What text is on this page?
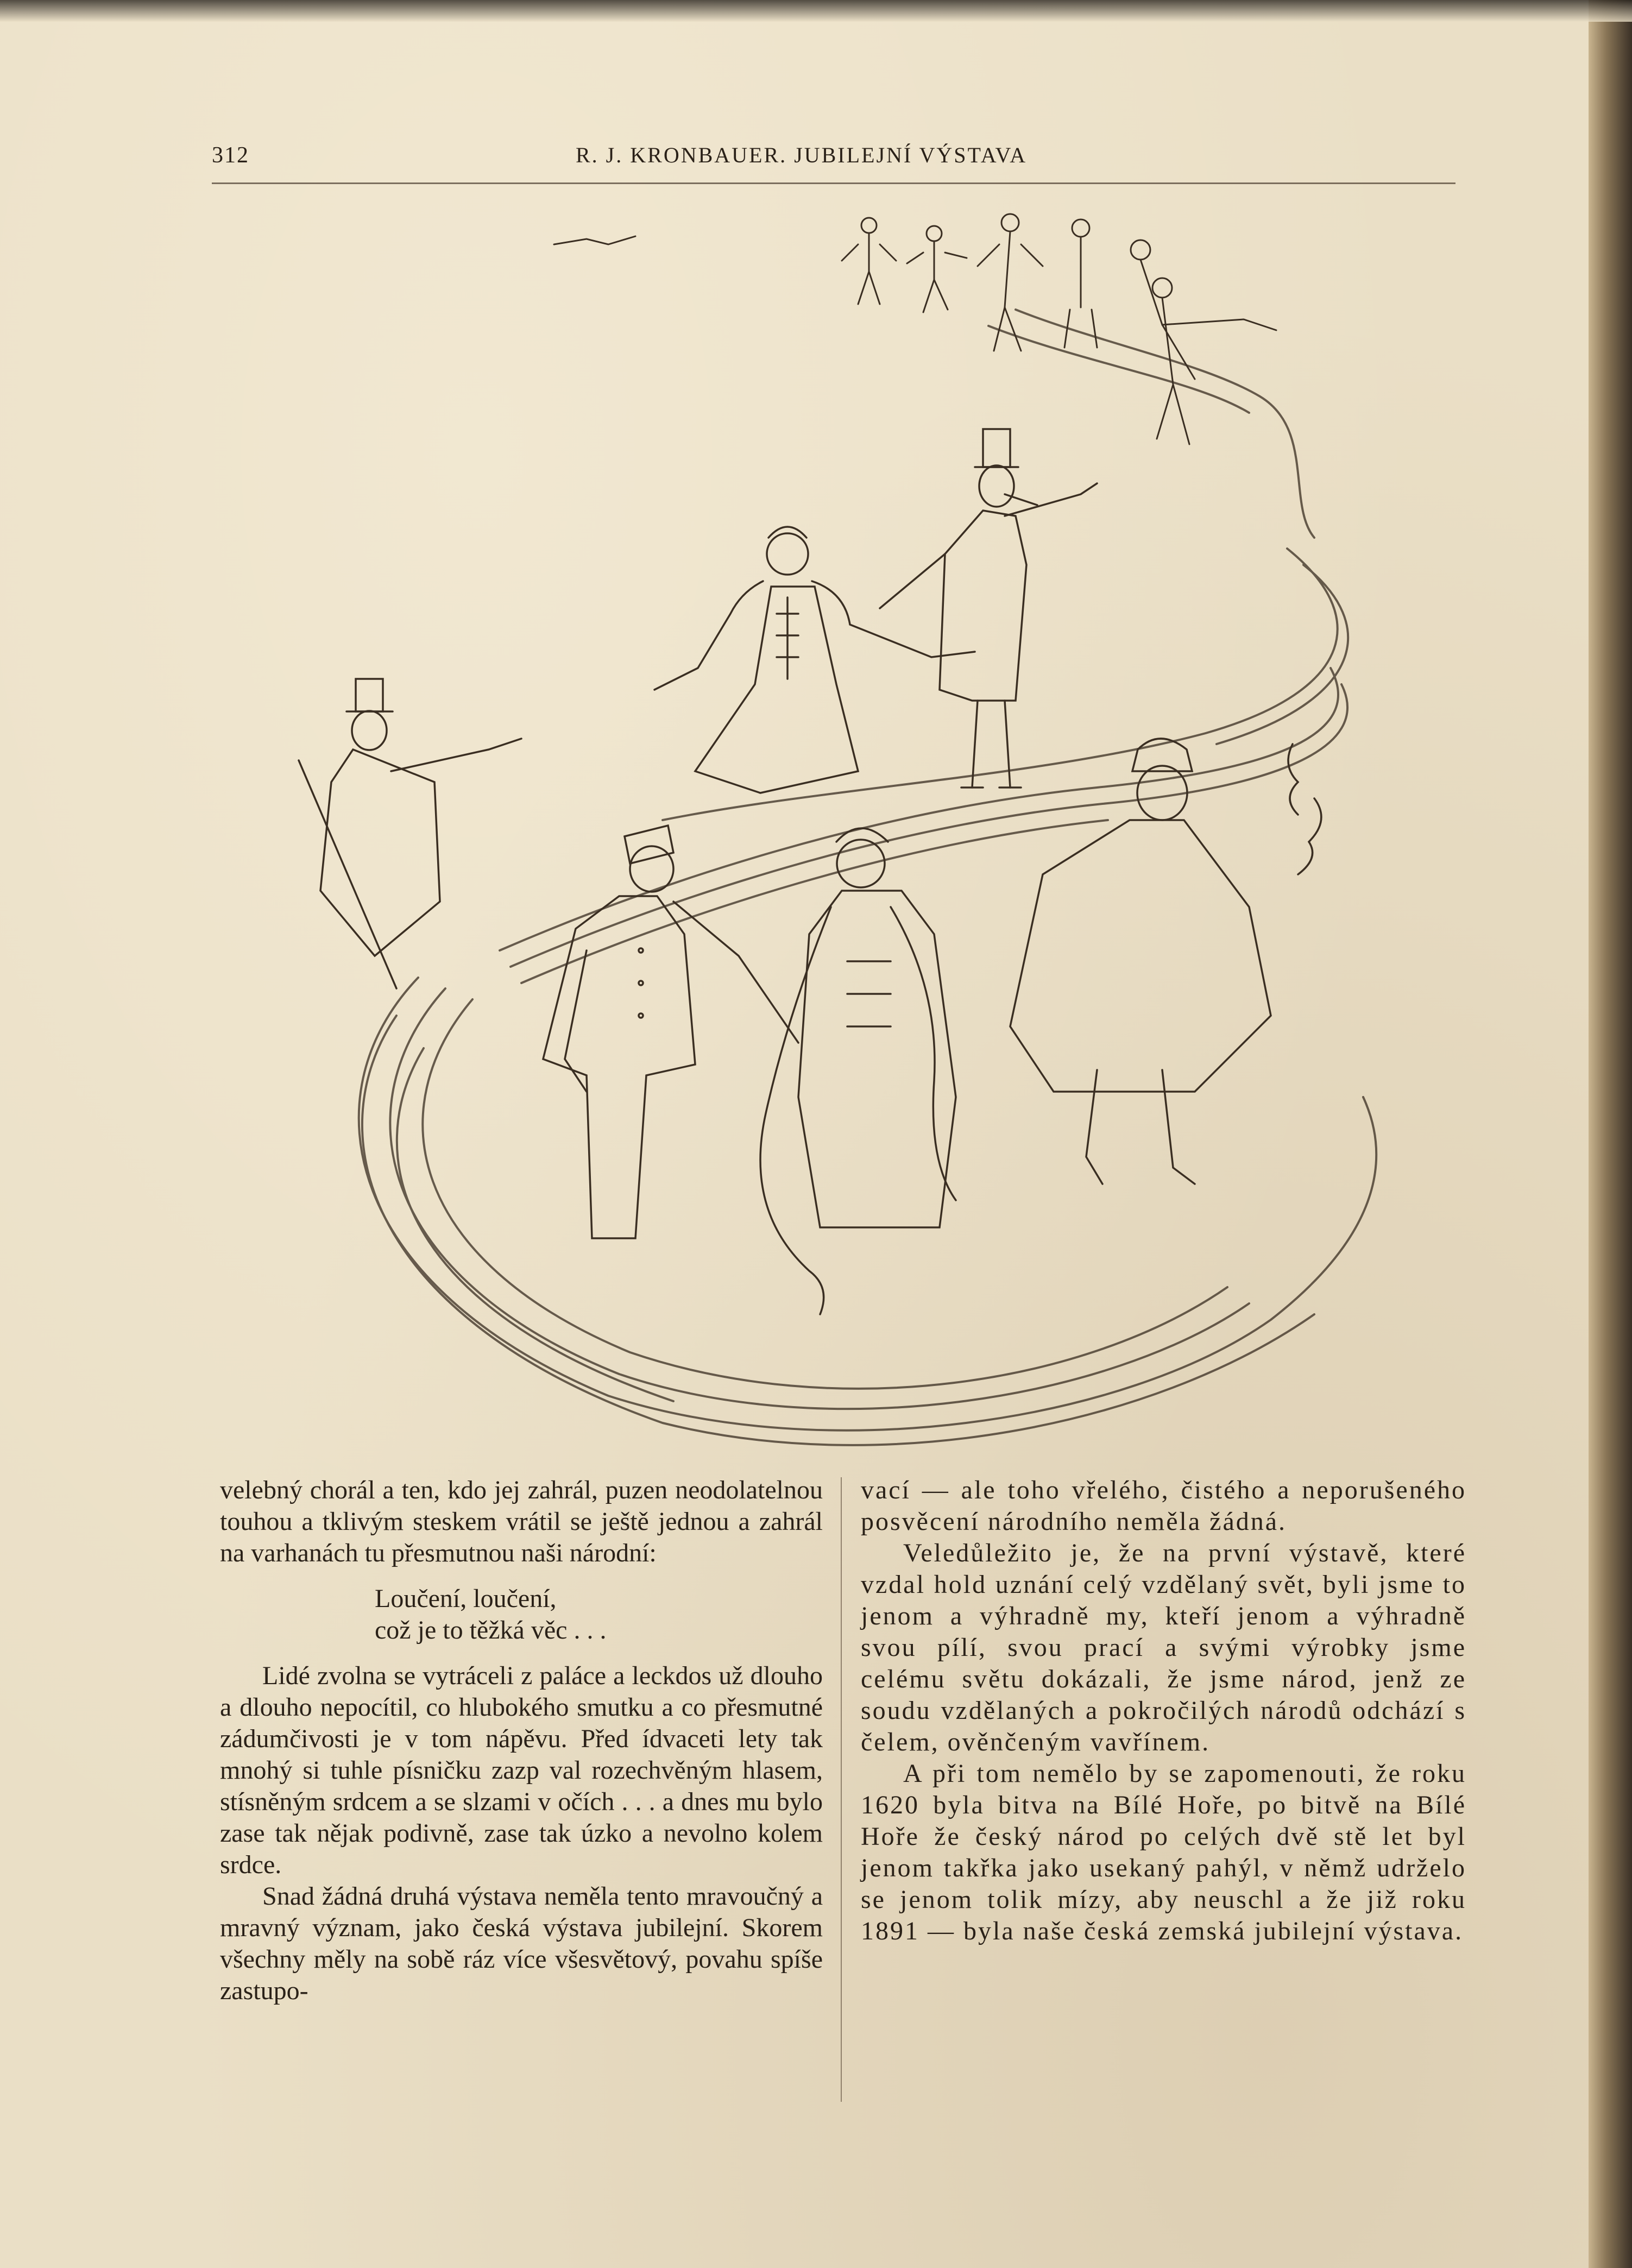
312	R. J. KRONBAUER. JUBILEJNÍ VÝSTAVA

velebný chorál a ten, kdo jej zahrál, puzen neodolatelnou touhou a tklivým steskem vrátil se ještě jednou a zahrál na varhanách tu přesmutnou naši národní:

Loučení, loučení,

což je to těžká věc . . .

Lidé zvolna se vytráceli z paláce a leckdos už dlouho a dlouho nepocítil, co hlubokého smutku a co přesmutné zádumčivosti je v tom nápěvu. Před ídvaceti lety tak mnohý si tuhle písničku zazp val rozechvěným hlasem, stísněným srdcem a se slzami v očích . . . a dnes mu bylo zase tak nějak podivně, zase tak úzko a nevolno kolem srdce.

Snad žádná druhá výstava neměla tento mravoučný a mravný význam, jako česká výstava jubilejní. Skorem všechny měly na sobě ráz více všesvětový, povahu spíše zastupo-

vací — ale toho vřelého, čistého a neporušeného posvěcení národního neměla žádná.

Veledůležito je, že na první výstavě, které vzdal hold uznání celý vzdělaný svět, byli jsme to jenom a výhradně my, kteří jenom a výhradně svou pílí, svou prací a svými výrobky jsme celému světu dokázali, že jsme národ, jenž ze soudu vzdělaných a pokročilých národů odchází s čelem, ověnčeným vavřínem.

A při tom nemělo by se zapomenouti, že roku 1620 byla bitva na Bílé Hoře, po bitvě na Bílé Hoře že český národ po celých dvě stě let byl jenom takřka jako usekaný pahýl, v němž udrželo se jenom tolik mízy, aby neuschl a že již roku 1891 — byla naše česká zemská jubilejní výstava.
